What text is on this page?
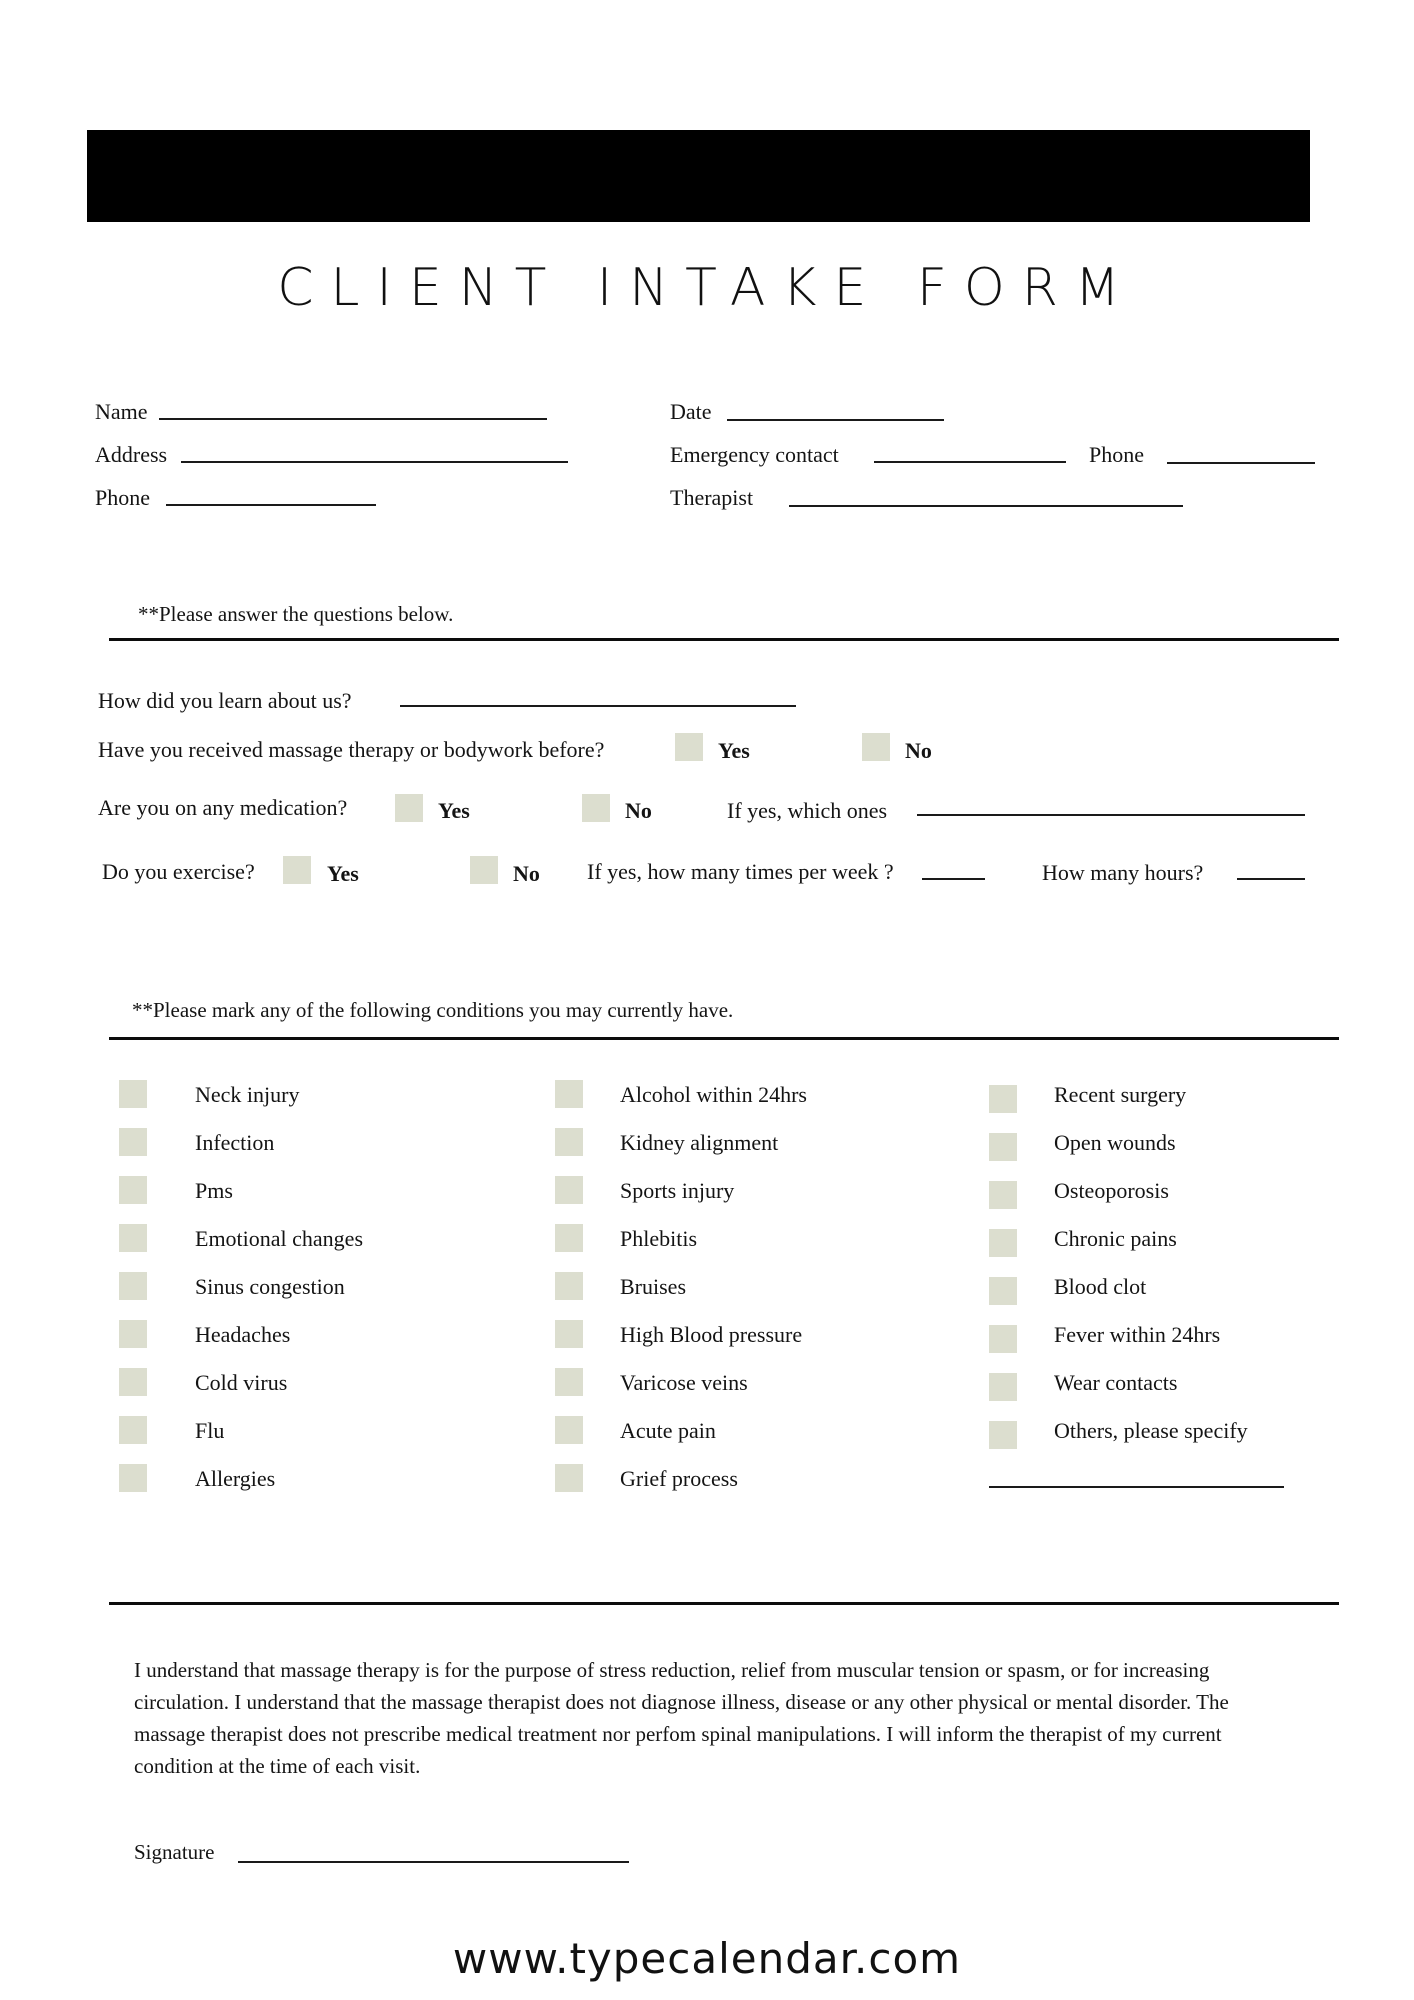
CLIENT INTAKE FORM
Name
Address
Phone
Date
Emergency contact	Phone
Therapist
**Please answer the questions below.
How did you learn about us?
Have you received massage therapy or bodywork before?	Yes	No
Are you on any medication?	Yes	No	If yes, which ones
Do you exercise?	Yes	No If yes, how many times per week ?	How many hours?
**Please mark any of the following conditions you may currently have.
Neck injury
Infection
Pms
Emotional changes
Sinus congestion
Headaches
Cold virus
Flu
Allergies
Alcohol within 24hrs
Kidney alignment
Sports injury
Phlebitis
Bruises
High Blood pressure
Varicose veins
Acute pain
Grief process
Recent surgery
Open wounds
Osteoporosis
Chronic pains
Blood clot
Fever within 24hrs
Wear contacts
Others, please specify
I understand that massage therapy is for the purpose of stress reduction, relief from muscular tension or spasm, or for increasing circulation. I understand that the massage therapist does not diagnose illness, disease or any other physical or mental disorder. The massage therapist does not prescribe medical treatment nor perfom spinal manipulations. I will inform the therapist of my current condition at the time of each visit.
Signature
www.typecalendar.com
